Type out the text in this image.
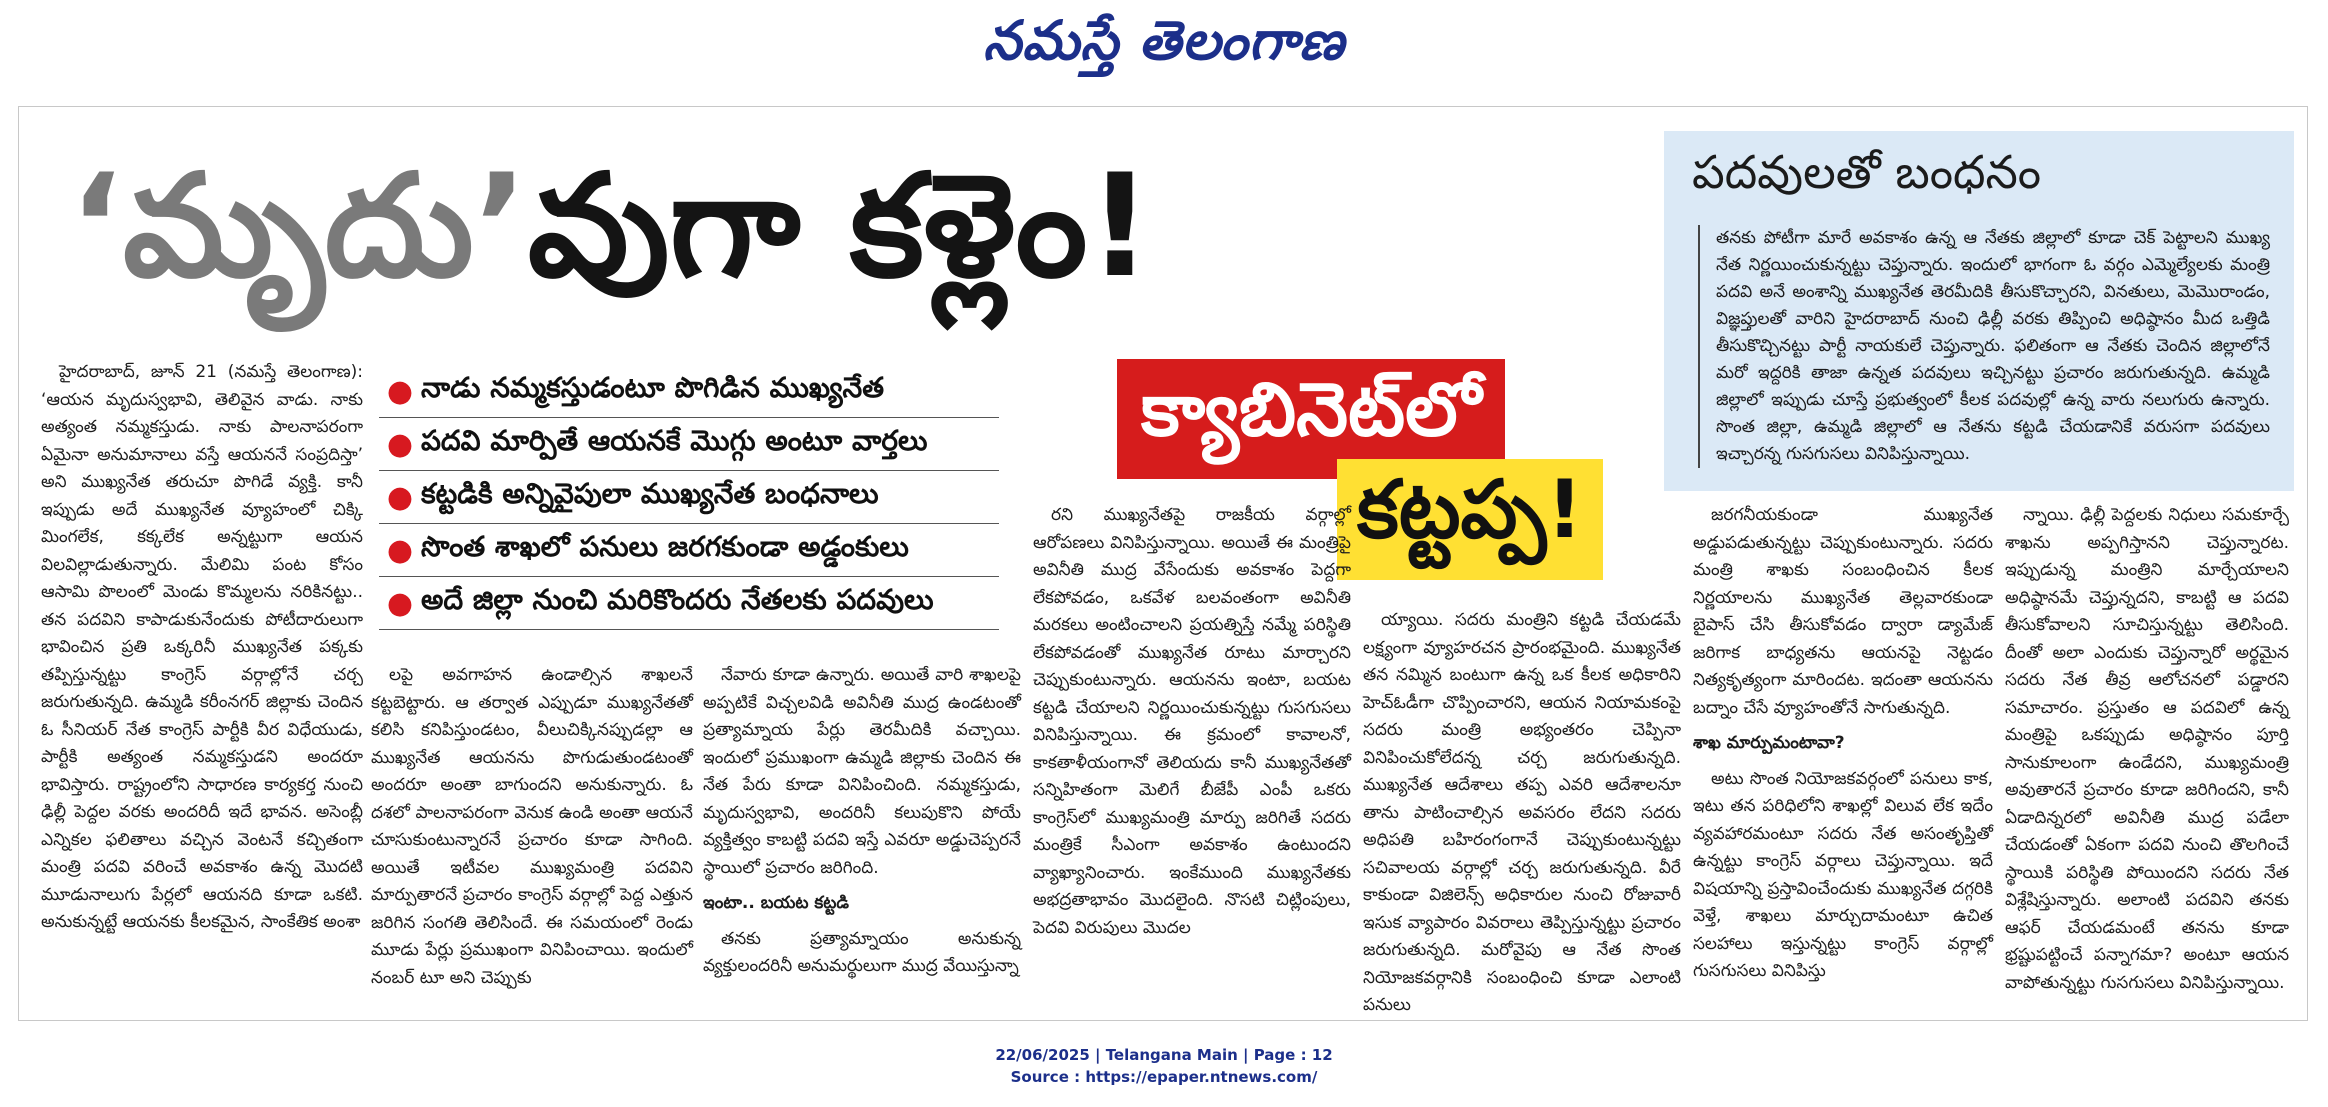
నమస్తే తెలంగాణ
‘మృదు’వుగా కళ్లెం!	పదవులతో బంధనం
తనకు పోటీగా మారే అవకాశం ఉన్న ఆ నేతకు జిల్లాలో కూడా చెక్ పెట్టాలని ముఖ్య నేత నిర్ణయించుకున్నట్టు చెప్తున్నారు. ఇందులో భాగంగా ఓ వర్గం ఎమ్మెల్యేలకు మంత్రి పదవి అనే అంశాన్ని ముఖ్యనేత తెరమీదికి తీసుకొచ్చారని, వినతులు, మెమొరాండం, విజ్ఞప్తులతో వారిని హైదరాబాద్ నుంచి ఢిల్లీ వరకు తిప్పించి అధిష్ఠానం మీద ఒత్తిడి తీసుకొచ్చినట్టు పార్టీ నాయకులే చెప్తున్నారు. ఫలితంగా ఆ నేతకు చెందిన జిల్లాలోనే మరో ఇద్దరికి తాజా ఉన్నత పదవులు ఇచ్చినట్టు ప్రచారం జరుగుతున్నది. ఉమ్మడి జిల్లాలో ఇప్పుడు చూస్తే ప్రభుత్వంలో కీలక పదవుల్లో ఉన్న వారు నలుగురు ఉన్నారు. సొంత జిల్లా, ఉమ్మడి జిల్లాలో ఆ నేతను కట్టడి చేయడానికే వరుసగా పదవులు ఇచ్చారన్న గుసగుసలు వినిపిస్తున్నాయి.
● నాడు నమ్మకస్తుడంటూ పొగిడిన ముఖ్యనేత
● పదవి మార్పితే ఆయనకే మొగ్గు అంటూ వార్తలు
● కట్టడికి అన్నివైపులా ముఖ్యనేత బంధనాలు
● సొంత శాఖలో పనులు జరగకుండా అడ్డంకులు
● అదే జిల్లా నుంచి మరికొందరు నేతలకు పదవులు
క్యాబినెట్‌లో
కట్టప్ప!

హైదరాబాద్, జూన్ 21 (నమస్తే తెలంగాణ): ‘ఆయన మృదుస్వభావి, తెలివైన వాడు. నాకు అత్యంత నమ్మకస్తుడు. నాకు పాలనాపరంగా ఏమైనా అనుమానాలు వస్తే ఆయననే సంప్రదిస్తా’ అని ముఖ్యనేత తరుచూ పొగిడే వ్యక్తి. కానీ ఇప్పుడు అదే ముఖ్యనేత వ్యూహంలో చిక్కి మింగలేక, కక్కలేక అన్నట్టుగా ఆయన విలవిల్లాడుతున్నారు. మేలిమి పంట కోసం ఆసామి పొలంలో మెండు కొమ్మలను నరికినట్టు.. తన పదవిని కాపాడుకునేందుకు పోటీదారులుగా భావించిన ప్రతి ఒక్కరినీ ముఖ్యనేత పక్కకు తప్పిస్తున్నట్టు కాంగ్రెస్ వర్గాల్లోనే చర్చ జరుగుతున్నది. ఉమ్మడి కరీంనగర్ జిల్లాకు చెందిన ఓ సీనియర్ నేత కాంగ్రెస్ పార్టీకి వీర విధేయుడు, పార్టీకి అత్యంత నమ్మకస్తుడని అందరూ భావిస్తారు. రాష్ట్రంలోని సాధారణ కార్యకర్త నుంచి ఢిల్లీ పెద్దల వరకు అందరిదీ ఇదే భావన. అసెంబ్లీ ఎన్నికల ఫలితాలు వచ్చిన వెంటనే కచ్చితంగా మంత్రి పదవి వరించే అవకాశం ఉన్న మొదటి మూడునాలుగు పేర్లలో ఆయనది కూడా ఒకటి. అనుకున్నట్టే ఆయనకు కీలకమైన, సాంకేతిక అంశా

లపై అవగాహన ఉండాల్సిన శాఖలనే కట్టబెట్టారు. ఆ తర్వాత ఎప్పుడూ ముఖ్యనేతతో కలిసి కనిపిస్తుండటం, వీలుచిక్కినప్పుడల్లా ఆ ముఖ్యనేత ఆయనను పొగుడుతుండటంతో అందరూ అంతా బాగుందని అనుకున్నారు. ఓ దశలో పాలనాపరంగా వెనుక ఉండి అంతా ఆయనే చూసుకుంటున్నారనే ప్రచారం కూడా సాగింది. అయితే ఇటీవల ముఖ్యమంత్రి పదవిని మార్పుతారనే ప్రచారం కాంగ్రెస్ వర్గాల్లో పెద్ద ఎత్తున జరిగిన సంగతి తెలిసిందే. ఈ సమయంలో రెండు మూడు పేర్లు ప్రముఖంగా వినిపించాయి. ఇందులో నంబర్ టూ అని చెప్పుకు

నేవారు కూడా ఉన్నారు. అయితే వారి శాఖలపై అప్పటికే విచ్చలవిడి అవినీతి ముద్ర ఉండటంతో ప్రత్యామ్నాయ పేర్లు తెరమీదికి వచ్చాయి. ఇందులో ప్రముఖంగా ఉమ్మడి జిల్లాకు చెందిన ఈ నేత పేరు కూడా వినిపించింది. నమ్మకస్తుడు, మృదుస్వభావి, అందరినీ కలుపుకొని పోయే వ్యక్తిత్వం కాబట్టి పదవి ఇస్తే ఎవరూ అడ్డుచెప్పరనే స్థాయిలో ప్రచారం జరిగింది.

ఇంటా.. బయట కట్టడి

తనకు ప్రత్యామ్నాయం అనుకున్న వ్యక్తులందరినీ అనుమర్థులుగా ముద్ర వేయిస్తున్నా

రని ముఖ్యనేతపై రాజకీయ వర్గాల్లో ఆరోపణలు వినిపిస్తున్నాయి. అయితే ఈ మంత్రిపై అవినీతి ముద్ర వేసేందుకు అవకాశం పెద్దగా లేకపోవడం, ఒకవేళ బలవంతంగా అవినీతి మరకలు అంటించాలని ప్రయత్నిస్తే నమ్మే పరిస్థితి లేకపోవడంతో ముఖ్యనేత రూటు మార్చారని చెప్పుకుంటున్నారు. ఆయనను ఇంటా, బయట కట్టడి చేయాలని నిర్ణయించుకున్నట్టు గుసగుసలు వినిపిస్తున్నాయి. ఈ క్రమంలో కావాలనో, కాకతాళీయంగానో తెలియదు కానీ ముఖ్యనేతతో సన్నిహితంగా మెలిగే బీజేపీ ఎంపీ ఒకరు కాంగ్రెస్‌లో ముఖ్యమంత్రి మార్పు జరిగితే సదరు మంత్రికే సీఎంగా అవకాశం ఉంటుందని వ్యాఖ్యానించారు. ఇంకేముంది ముఖ్యనేతకు అభద్రతాభావం మొదలైంది. నొసటి చిట్లింపులు, పెదవి విరుపులు మొదల

య్యాయి. సదరు మంత్రిని కట్టడి చేయడమే లక్ష్యంగా వ్యూహరచన ప్రారంభమైంది. ముఖ్యనేత తన నమ్మిన బంటుగా ఉన్న ఒక కీలక అధికారిని హెచ్‌ఓడీగా చొప్పించారని, ఆయన నియామకంపై సదరు మంత్రి అభ్యంతరం చెప్పినా వినిపించుకోలేదన్న చర్చ జరుగుతున్నది. ముఖ్యనేత ఆదేశాలు తప్ప ఎవరి ఆదేశాలనూ తాను పాటించాల్సిన అవసరం లేదని సదరు అధిపతి బహిరంగంగానే చెప్పుకుంటున్నట్టు సచివాలయ వర్గాల్లో చర్చ జరుగుతున్నది. వీరే కాకుండా విజిలెన్స్ అధికారుల నుంచి రోజువారీ ఇసుక వ్యాపారం వివరాలు తెప్పిస్తున్నట్టు ప్రచారం జరుగుతున్నది. మరోవైపు ఆ నేత సొంత నియోజకవర్గానికి సంబంధించి కూడా ఎలాంటి పనులు

జరగనీయకుండా ముఖ్యనేత అడ్డుపడుతున్నట్టు చెప్పుకుంటున్నారు. సదరు మంత్రి శాఖకు సంబంధించిన కీలక నిర్ణయాలను ముఖ్యనేత తెల్లవారకుండా బైపాస్ చేసి తీసుకోవడం ద్వారా డ్యామేజ్ జరిగాక బాధ్యతను ఆయనపై నెట్టడం నిత్యకృత్యంగా మారిందట. ఇదంతా ఆయనను బద్నాం చేసే వ్యూహంతోనే సాగుతున్నది.

శాఖ మార్పుమంటావా?

అటు సొంత నియోజకవర్గంలో పనులు కాక, ఇటు తన పరిధిలోని శాఖల్లో విలువ లేక ఇదేం వ్యవహారమంటూ సదరు నేత అసంతృప్తితో ఉన్నట్టు కాంగ్రెస్ వర్గాలు చెప్తున్నాయి. ఇదే విషయాన్ని ప్రస్తావించేందుకు ముఖ్యనేత దగ్గరికి వెళ్తే, శాఖలు మార్చుదామంటూ ఉచిత సలహాలు ఇస్తున్నట్టు కాంగ్రెస్ వర్గాల్లో గుసగుసలు వినిపిస్తు

న్నాయి. ఢిల్లీ పెద్దలకు నిధులు సమకూర్చే శాఖను అప్పగిస్తానని చెప్తున్నారట. ఇప్పుడున్న మంత్రిని మార్చేయాలని అధిష్ఠానమే చెప్తున్నదని, కాబట్టి ఆ పదవి తీసుకోవాలని సూచిస్తున్నట్టు తెలిసింది. దీంతో అలా ఎందుకు చెప్తున్నారో అర్థమైన సదరు నేత తీవ్ర ఆలోచనలో పడ్డారని సమాచారం. ప్రస్తుతం ఆ పదవిలో ఉన్న మంత్రిపై ఒకప్పుడు అధిష్ఠానం పూర్తి సానుకూలంగా ఉండేదని, ముఖ్యమంత్రి అవుతారనే ప్రచారం కూడా జరిగిందని, కానీ ఏడాదిన్నరలో అవినీతి ముద్ర పడేలా చేయడంతో ఏకంగా పదవి నుంచి తొలగించే స్థాయికి పరిస్థితి పోయిందని సదరు నేత విశ్లేషిస్తున్నారు. అలాంటి పదవిని తనకు ఆఫర్ చేయడమంటే తనను కూడా భ్రష్టుపట్టించే పన్నాగమా? అంటూ ఆయన వాపోతున్నట్టు గుసగుసలు వినిపిస్తున్నాయి.

22/06/2025 | Telangana Main | Page : 12
Source : https://epaper.ntnews.com/
